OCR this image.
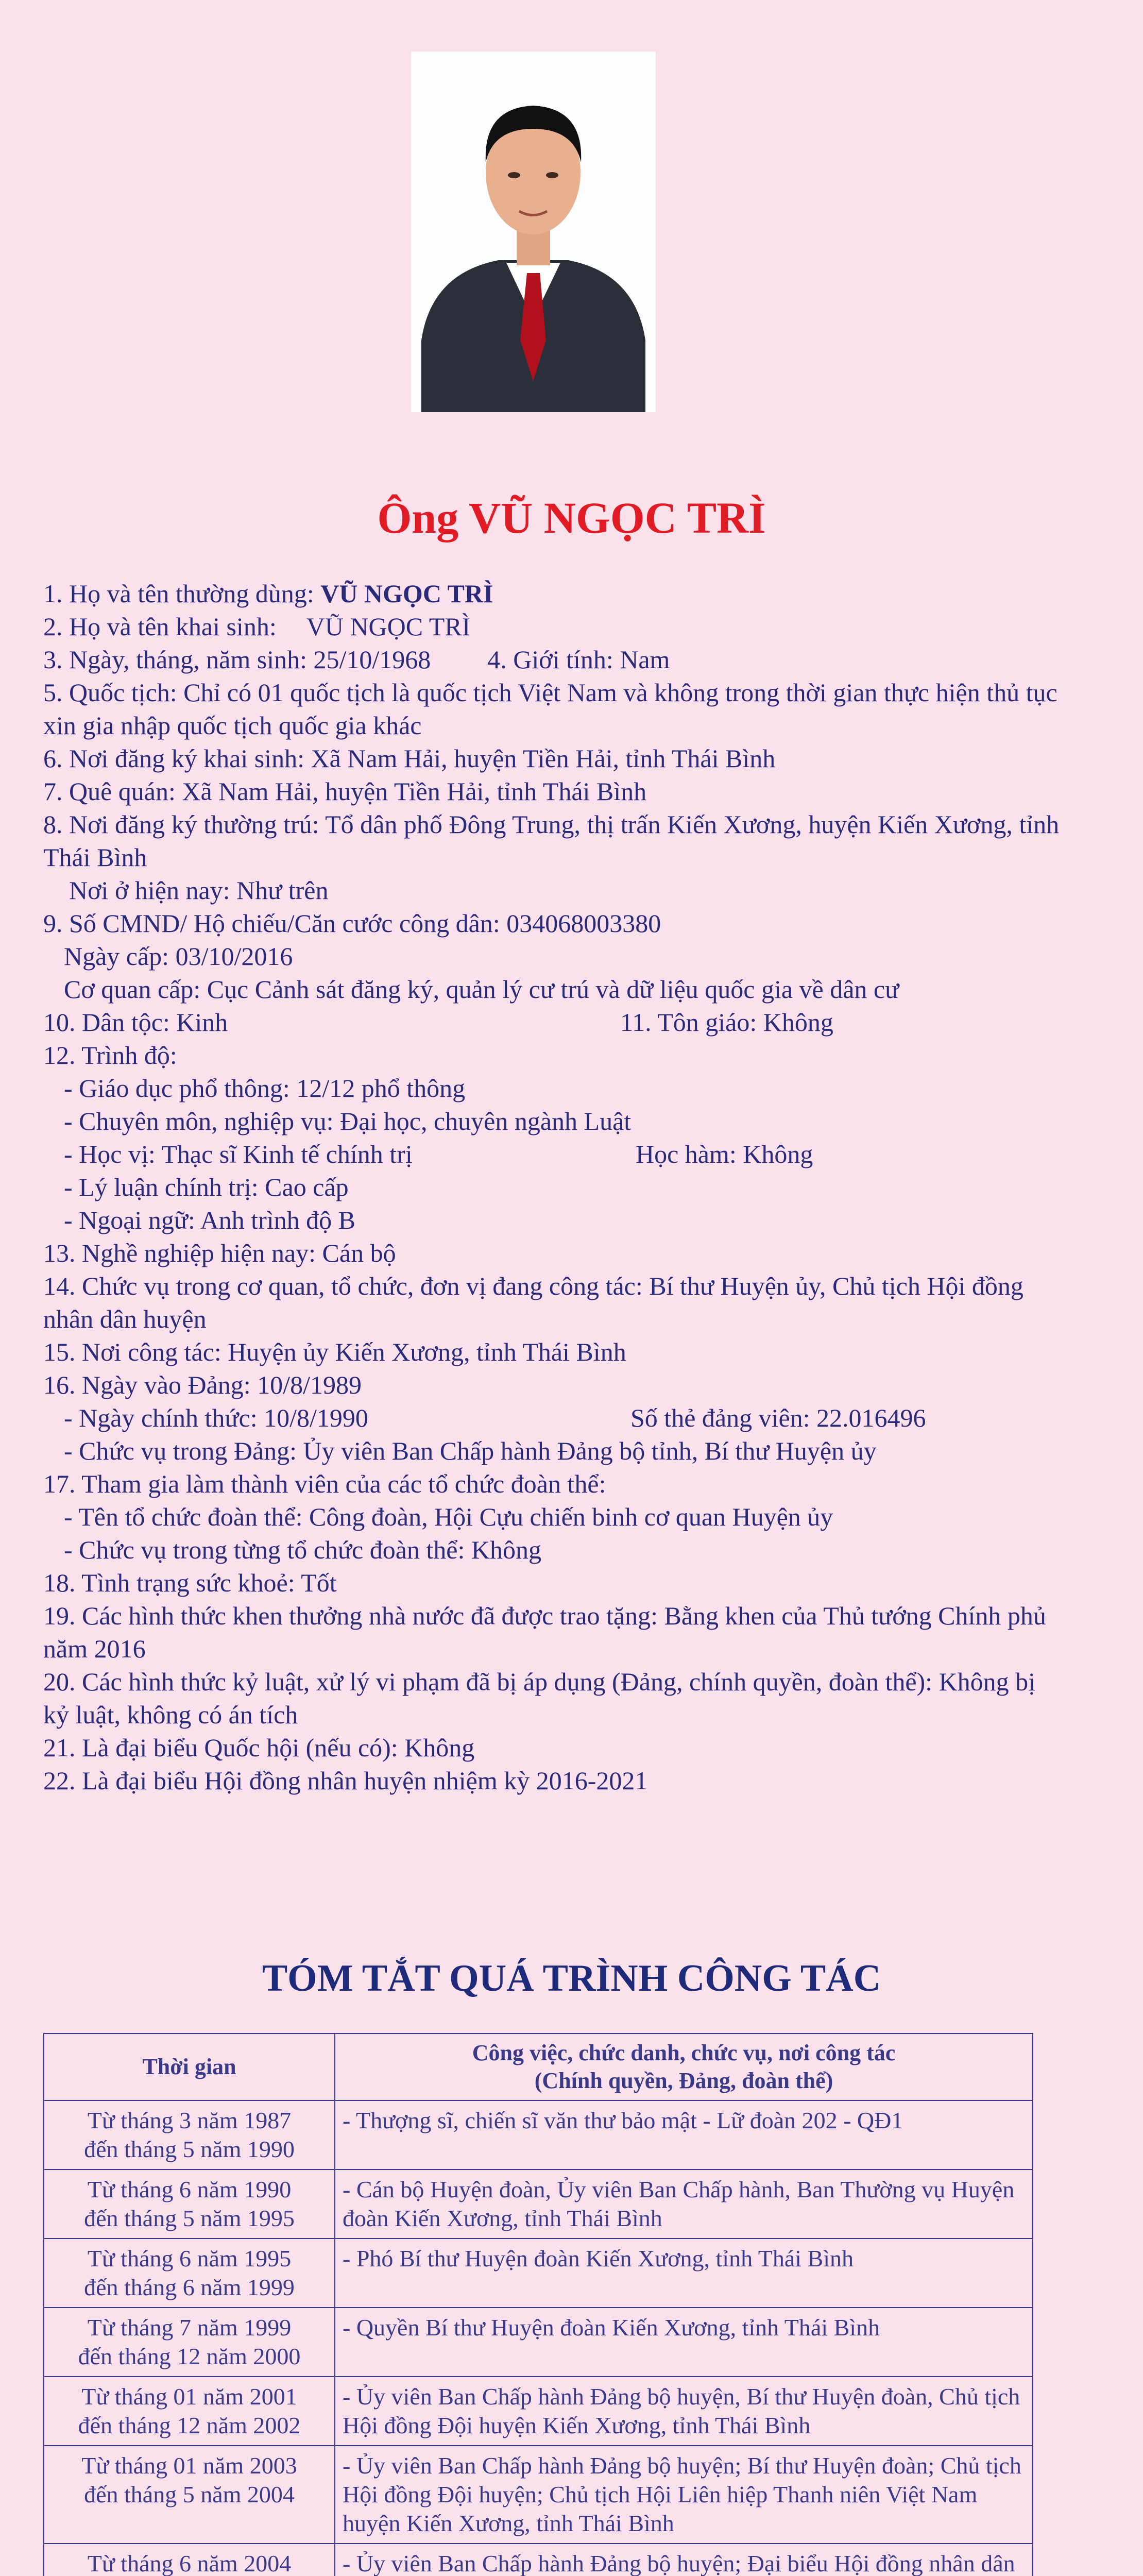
Ông VŨ NGỌC TRÌ
1. Họ và tên thường dùng: VŨ NGỌC TRÌ
2. Họ và tên khai sinh: VŨ NGỌC TRÌ
3. Ngày, tháng, năm sinh: 25/10/1968 4. Giới tính: Nam
5. Quốc tịch: Chỉ có 01 quốc tịch là quốc tịch Việt Nam và không trong thời gian thực hiện thủ tục xin gia nhập quốc tịch quốc gia khác
6. Nơi đăng ký khai sinh: Xã Nam Hải, huyện Tiền Hải, tỉnh Thái Bình
7. Quê quán: Xã Nam Hải, huyện Tiền Hải, tỉnh Thái Bình
8. Nơi đăng ký thường trú: Tổ dân phố Đông Trung, thị trấn Kiến Xương, huyện Kiến Xương, tỉnh Thái Bình
Nơi ở hiện nay: Như trên
9. Số CMND/ Hộ chiếu/Căn cước công dân: 034068003380
Ngày cấp: 03/10/2016
Cơ quan cấp: Cục Cảnh sát đăng ký, quản lý cư trú và dữ liệu quốc gia về dân cư
10. Dân tộc: Kinh	11. Tôn giáo: Không
12. Trình độ:
- Giáo dục phổ thông: 12/12 phổ thông
- Chuyên môn, nghiệp vụ: Đại học, chuyên ngành Luật
- Học vị: Thạc sĩ Kinh tế chính trị	Học hàm: Không
- Lý luận chính trị: Cao cấp
- Ngoại ngữ: Anh trình độ B
13. Nghề nghiệp hiện nay: Cán bộ
14. Chức vụ trong cơ quan, tổ chức, đơn vị đang công tác: Bí thư Huyện ủy, Chủ tịch Hội đồng nhân dân huyện
15. Nơi công tác: Huyện ủy Kiến Xương, tỉnh Thái Bình
16. Ngày vào Đảng: 10/8/1989
- Ngày chính thức: 10/8/1990	Số thẻ đảng viên: 22.016496
- Chức vụ trong Đảng: Ủy viên Ban Chấp hành Đảng bộ tỉnh, Bí thư Huyện ủy
17. Tham gia làm thành viên của các tổ chức đoàn thể:
- Tên tổ chức đoàn thể: Công đoàn, Hội Cựu chiến binh cơ quan Huyện ủy
- Chức vụ trong từng tổ chức đoàn thể: Không
18. Tình trạng sức khoẻ: Tốt
19. Các hình thức khen thưởng nhà nước đã được trao tặng: Bằng khen của Thủ tướng Chính phủ năm 2016
20. Các hình thức kỷ luật, xử lý vi phạm đã bị áp dụng (Đảng, chính quyền, đoàn thể): Không bị kỷ luật, không có án tích
21. Là đại biểu Quốc hội (nếu có): Không
22. Là đại biểu Hội đồng nhân huyện nhiệm kỳ 2016-2021
TÓM TẮT QUÁ TRÌNH CÔNG TÁC
Thời gian	Công việc, chức danh, chức vụ, nơi công tác
(Chính quyền, Đảng, đoàn thể)

Từ tháng 3 năm 1987
đến tháng 5 năm 1990	- Thượng sĩ, chiến sĩ văn thư bảo mật - Lữ đoàn 202 - QĐ1

Từ tháng 6 năm 1990
đến tháng 5 năm 1995	- Cán bộ Huyện đoàn, Ủy viên Ban Chấp hành, Ban Thường vụ Huyện đoàn Kiến Xương, tỉnh Thái Bình

Từ tháng 6 năm 1995
đến tháng 6 năm 1999	- Phó Bí thư Huyện đoàn Kiến Xương, tỉnh Thái Bình

Từ tháng 7 năm 1999
đến tháng 12 năm 2000	- Quyền Bí thư Huyện đoàn Kiến Xương, tỉnh Thái Bình

Từ tháng 01 năm 2001
đến tháng 12 năm 2002	- Ủy viên Ban Chấp hành Đảng bộ huyện, Bí thư Huyện đoàn, Chủ tịch Hội đồng Đội huyện Kiến Xương, tỉnh Thái Bình

Từ tháng 01 năm 2003
đến tháng 5 năm 2004	- Ủy viên Ban Chấp hành Đảng bộ huyện; Bí thư Huyện đoàn; Chủ tịch Hội đồng Đội huyện; Chủ tịch Hội Liên hiệp Thanh niên Việt Nam huyện Kiến Xương, tỉnh Thái Bình

Từ tháng 6 năm 2004	- Ủy viên Ban Chấp hành Đảng bộ huyện; Đại biểu Hội đồng nhân dân
